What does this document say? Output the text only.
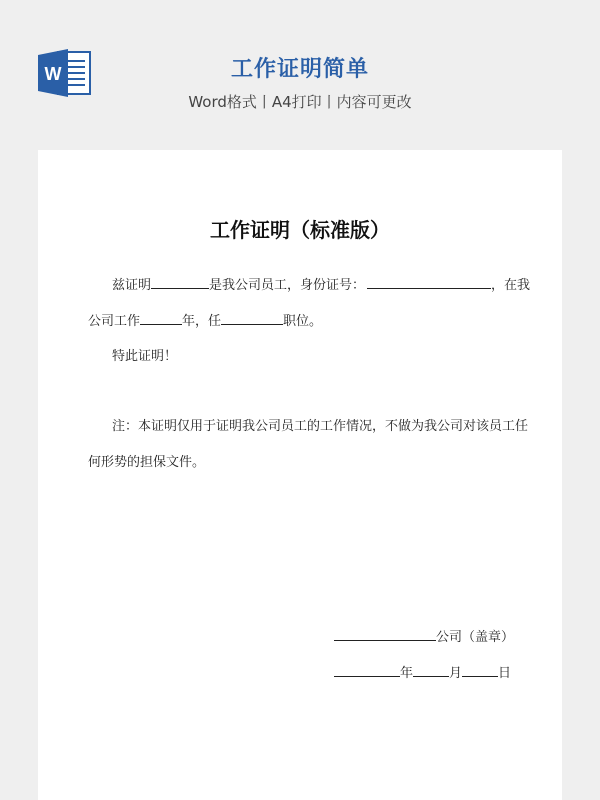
W	工作证明简单
Word格式丨A4打印丨内容可更改
工作证明（标准版）
兹证明	是我公司员工，身份证号：	，在我
公司工作	年，任	职位。
特此证明！
注：本证明仅用于证明我公司员工的工作情况，不做为我公司对该员工任
何形势的担保文件。
公司（盖章）
年	月	日
